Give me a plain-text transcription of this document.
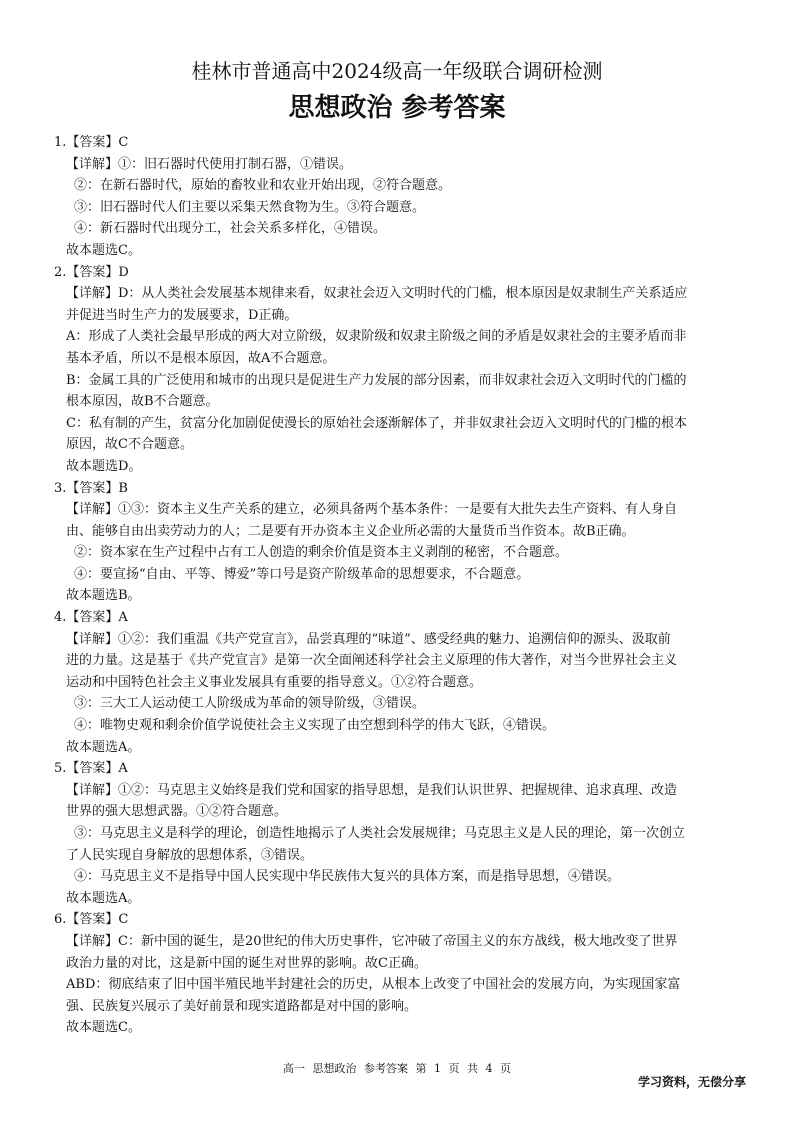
桂林市普通高中2024级高一年级联合调研检测
思想政治 参考答案
1.【答案】C
【详解】①：旧石器时代使用打制石器，①错误。
②：在新石器时代，原始的畜牧业和农业开始出现，②符合题意。
③：旧石器时代人们主要以采集天然食物为生。③符合题意。
④：新石器时代出现分工，社会关系多样化，④错误。
故本题选C。
2.【答案】D
【详解】D：从人类社会发展基本规律来看，奴隶社会迈入文明时代的门槛，根本原因是奴隶制生产关系适应
并促进当时生产力的发展要求，D正确。
A：形成了人类社会最早形成的两大对立阶级，奴隶阶级和奴隶主阶级之间的矛盾是奴隶社会的主要矛盾而非
基本矛盾，所以不是根本原因，故A不合题意。
B：金属工具的广泛使用和城市的出现只是促进生产力发展的部分因素，而非奴隶社会迈入文明时代的门槛的
根本原因，故B不合题意。
C：私有制的产生，贫富分化加剧促使漫长的原始社会逐渐解体了，并非奴隶社会迈入文明时代的门槛的根本
原因，故C不合题意。
故本题选D。
3.【答案】B
【详解】①③：资本主义生产关系的建立，必须具备两个基本条件：一是要有大批失去生产资料、有人身自
由、能够自由出卖劳动力的人；二是要有开办资本主义企业所必需的大量货币当作资本。故B正确。
②：资本家在生产过程中占有工人创造的剩余价值是资本主义剥削的秘密，不合题意。
④：要宣扬“自由、平等、博爱”等口号是资产阶级革命的思想要求，不合题意。
故本题选B。
4.【答案】A
【详解】①②：我们重温《共产党宣言》，品尝真理的“味道”、感受经典的魅力、追溯信仰的源头、汲取前
进的力量。这是基于《共产党宣言》是第一次全面阐述科学社会主义原理的伟大著作，对当今世界社会主义
运动和中国特色社会主义事业发展具有重要的指导意义。①②符合题意。
③：三大工人运动使工人阶级成为革命的领导阶级，③错误。
④：唯物史观和剩余价值学说使社会主义实现了由空想到科学的伟大飞跃，④错误。
故本题选A。
5.【答案】A
【详解】①②：马克思主义始终是我们党和国家的指导思想，是我们认识世界、把握规律、追求真理、改造
世界的强大思想武器。①②符合题意。
③：马克思主义是科学的理论，创造性地揭示了人类社会发展规律；马克思主义是人民的理论，第一次创立
了人民实现自身解放的思想体系，③错误。
④：马克思主义不是指导中国人民实现中华民族伟大复兴的具体方案，而是指导思想，④错误。
故本题选A。
6.【答案】C
【详解】C：新中国的诞生，是20世纪的伟大历史事件，它冲破了帝国主义的东方战线，极大地改变了世界
政治力量的对比，这是新中国的诞生对世界的影响。故C正确。
ABD：彻底结束了旧中国半殖民地半封建社会的历史，从根本上改变了中国社会的发展方向，为实现国家富
强、民族复兴展示了美好前景和现实道路都是对中国的影响。
故本题选C。
高一 思想政治 参考答案 第 1 页 共 4 页
学习资料，无偿分享
